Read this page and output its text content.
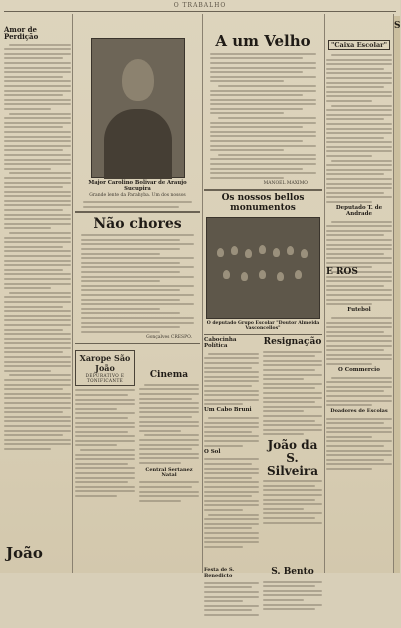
O TRABALHO
Amor de Perdição
João
Major Carolino Bolivar de Araujo Sucupira
Grande lente da Parahyba. Um dos nossos
Não chores
Gonçalves CRESPO.
Xarope São João
DEPURATIVO E TONIFICANTE
Cinema
Central Sertanez Natal
A um Velho
MANOEL MAXIMO
Os nossos bellos monumentos
O deputado Grupo Escolar "Doutor Almeida Vasconcellos"
Cabocinha Política
Um Cabo Bruni
O Sol
Resignação
João da S. Silveira
Festa de S. Benedicto	S. Bento
"Caixa Escolar"
Deputado T. de Andrade
Futebol
O Commercio
Doadores de Escolas
E ROS
S
